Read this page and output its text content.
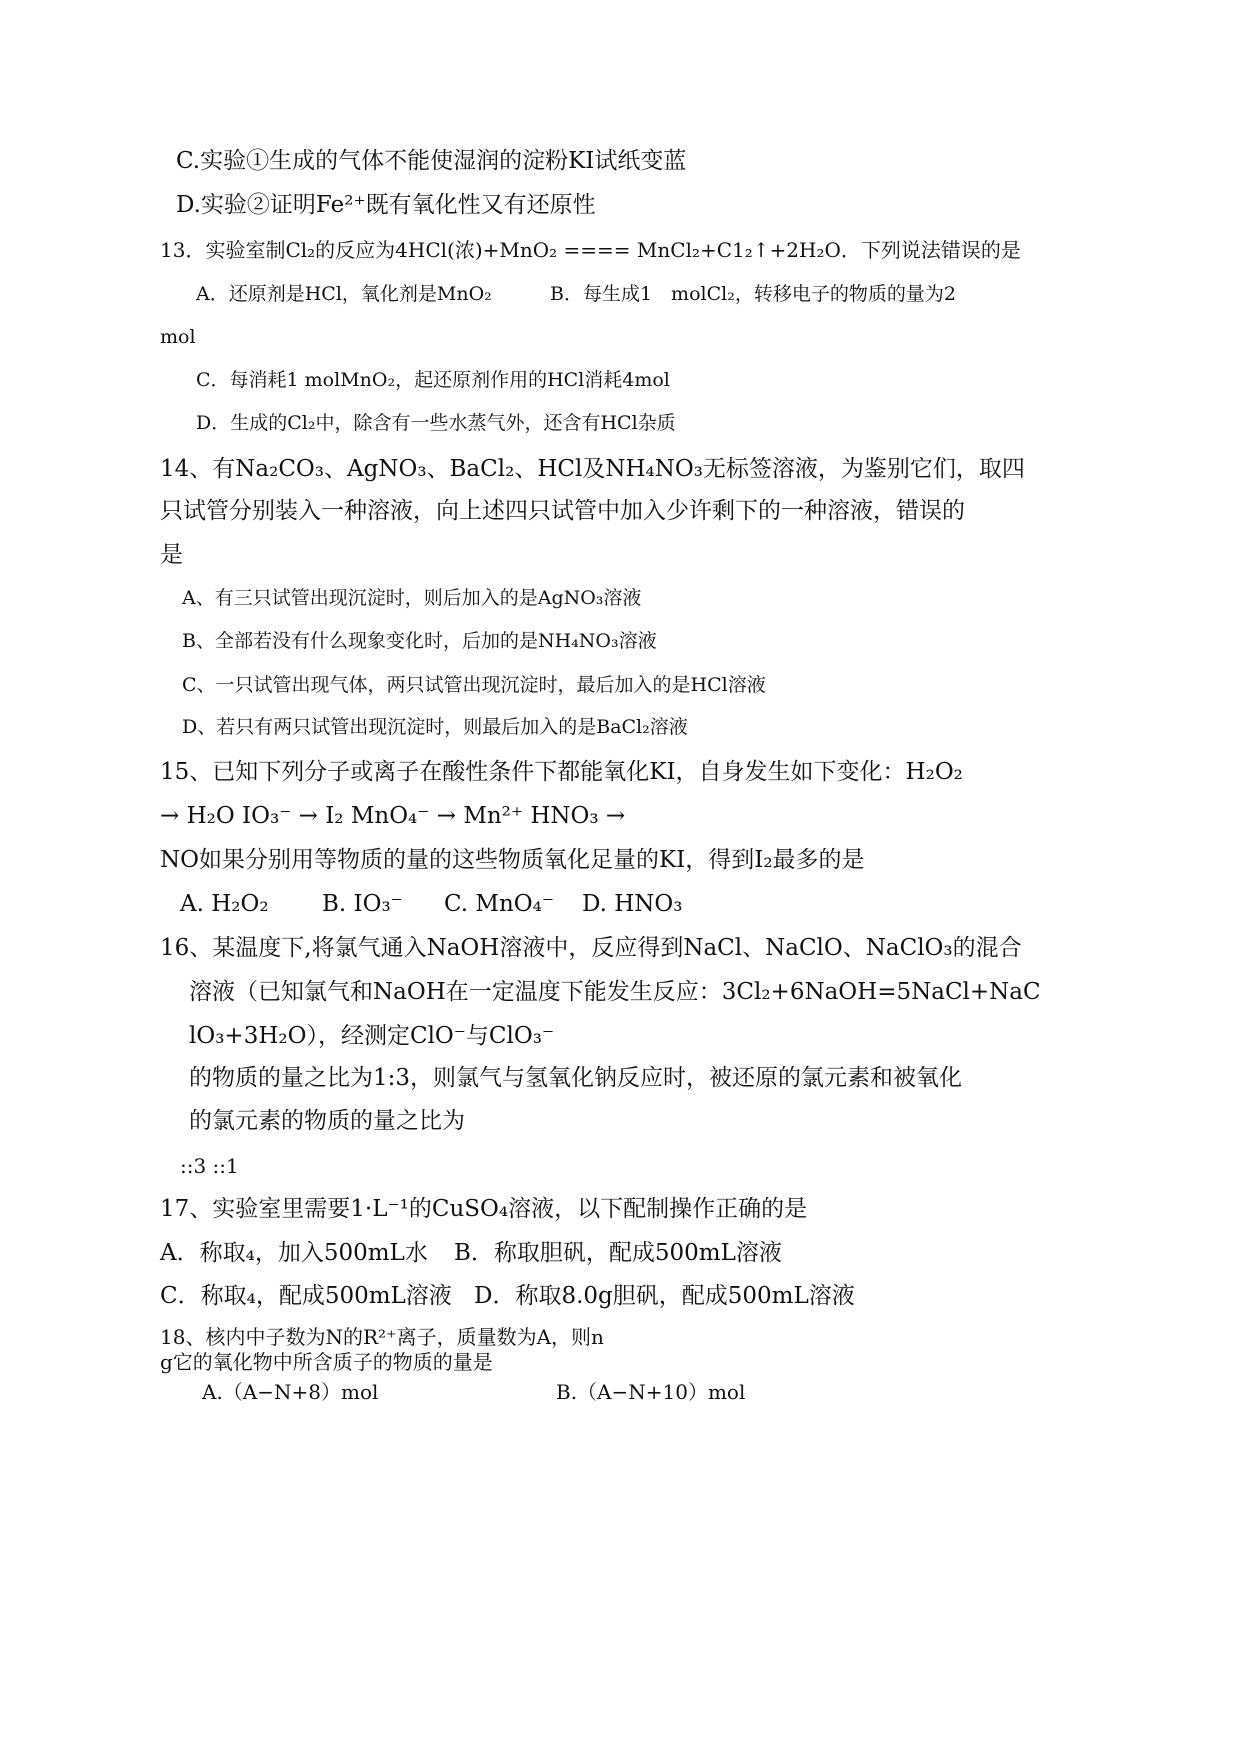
C.实验①生成的气体不能使湿润的淀粉KI试纸变蓝
D.实验②证明Fe²⁺既有氧化性又有还原性
13．实验室制Cl₂的反应为4HCl(浓)+MnO₂ ==== MnCl₂+C1₂↑+2H₂O．下列说法错误的是
A．还原剂是HCl，氧化剂是MnO₂	B．每生成1　molCl₂，转移电子的物质的量为2
mol
C．每消耗1 molMnO₂，起还原剂作用的HCl消耗4mol
D．生成的Cl₂中，除含有一些水蒸气外，还含有HCl杂质
14、有Na₂CO₃、AgNO₃、BaCl₂、HCl及NH₄NO₃无标签溶液，为鉴别它们，取四
只试管分别装入一种溶液，向上述四只试管中加入少许剩下的一种溶液，错误的
是
A、有三只试管出现沉淀时，则后加入的是AgNO₃溶液
B、全部若没有什么现象变化时，后加的是NH₄NO₃溶液
C、一只试管出现气体，两只试管出现沉淀时，最后加入的是HCl溶液
D、若只有两只试管出现沉淀时，则最后加入的是BaCl₂溶液
15、已知下列分子或离子在酸性条件下都能氧化KI，自身发生如下变化：H₂O₂
→ H₂O IO₃⁻ → I₂ MnO₄⁻ → Mn²⁺ HNO₃ →
NO如果分别用等物质的量的这些物质氧化足量的KI，得到I₂最多的是
A. H₂O₂ B. IO₃⁻ C. MnO₄⁻ D. HNO₃
16、某温度下,将氯气通入NaOH溶液中，反应得到NaCl、NaClO、NaClO₃的混合
溶液（已知氯气和NaOH在一定温度下能发生反应：3Cl₂+6NaOH=5NaCl+NaC
lO₃+3H₂O），经测定ClO⁻与ClO₃⁻
的物质的量之比为1:3，则氯气与氢氧化钠反应时，被还原的氯元素和被氧化
的氯元素的物质的量之比为
::3 ::1
17、实验室里需要1·L⁻¹的CuSO₄溶液，以下配制操作正确的是
A．称取₄，加入500mL水 B．称取胆矾，配成500mL溶液
C．称取₄，配成500mL溶液 D．称取8.0g胆矾，配成500mL溶液
18、核内中子数为N的R²⁺离子，质量数为A，则n
g它的氧化物中所含质子的物质的量是
A.（A−N+8）mol	B.（A−N+10）mol
